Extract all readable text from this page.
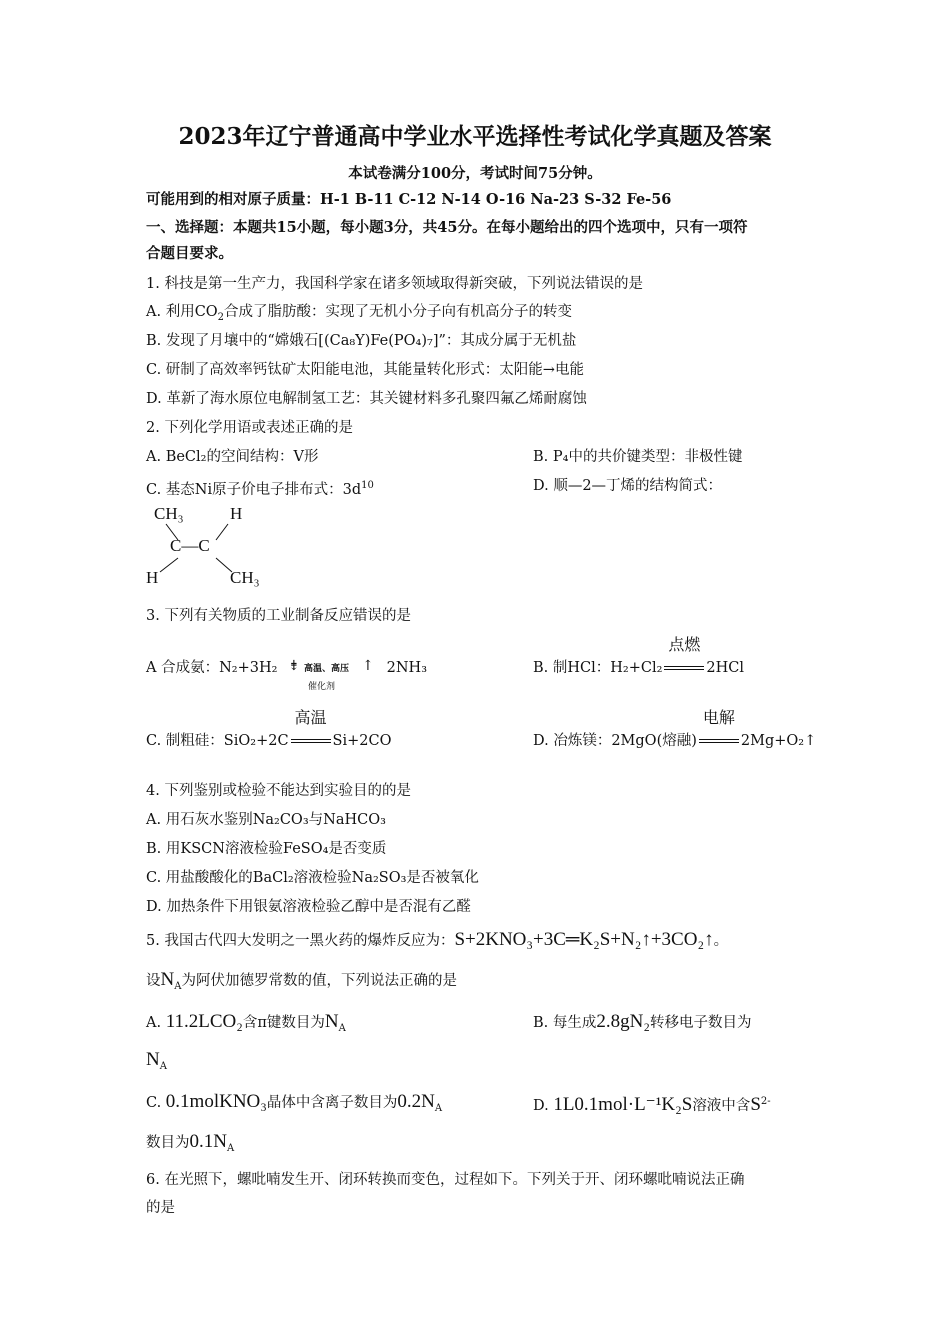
2023年辽宁普通高中学业水平选择性考试化学真题及答案
本试卷满分100分，考试时间75分钟。
可能用到的相对原子质量：H-1 B-11 C-12 N-14 O-16 Na-23 S-32 Fe-56
一、选择题：本题共15小题，每小题3分，共45分。在每小题给出的四个选项中，只有一项符
合题目要求。
1. 科技是第一生产力，我国科学家在诸多领域取得新突破，下列说法错误的是
A. 利用$CO_2$合成了脂肪酸：实现了无机小分子向有机高分子的转变
B. 发现了月壤中的“嫦娥石[(Ca₈Y)Fe(PO₄)₇]”：其成分属于无机盐
C. 研制了高效率钙钛矿太阳能电池，其能量转化形式：太阳能→电能
D. 革新了海水原位电解制氢工艺：其关键材料多孔聚四氟乙烯耐腐蚀
2. 下列化学用语或表述正确的是
A. BeCl₂的空间结构：V形	B. P₄中的共价键类型：非极性键
C. 基态Ni原子价电子排布式：$3d^{10}$	D. 顺—2—丁烯的结构简式：
CH₃	H
C—C
H	CH₃
3. 下列有关物质的工业制备反应错误的是
A 合成氨：N₂+3H₂ ⇟ 高温、高压
催化剂
↑ 2NH₃	B. 制HCl：H₂+Cl₂
点燃
2HCl
C. 制粗硅：SiO₂+2C
高温
Si+2CO	D. 冶炼镁：2MgO(熔融)
电解
2Mg+O₂↑
4. 下列鉴别或检验不能达到实验目的的是
A. 用石灰水鉴别Na₂CO₃与NaHCO₃
B. 用KSCN溶液检验FeSO₄是否变质
C. 用盐酸酸化的BaCl₂溶液检验Na₂SO₃是否被氧化
D. 加热条件下用银氨溶液检验乙醇中是否混有乙醛
5. 我国古代四大发明之一黑火药的爆炸反应为：S+2KNO₃+3C═K₂S+N₂↑+3CO₂↑。
设$N_A$为阿伏加德罗常数的值，下列说法正确的是
A. 11.2LCO₂含π键数目为$N_A$	B. 每生成2.8gN₂转移电子数目为
$N_A$
C. 0.1molKNO₃晶体中含离子数目为$0.2N_A$	D. 1L0.1mol·L⁻¹K₂S溶液中含$S^{2-}$
数目为$0.1N_A$
6. 在光照下，螺吡喃发生开、闭环转换而变色，过程如下。下列关于开、闭环螺吡喃说法正确
的是
